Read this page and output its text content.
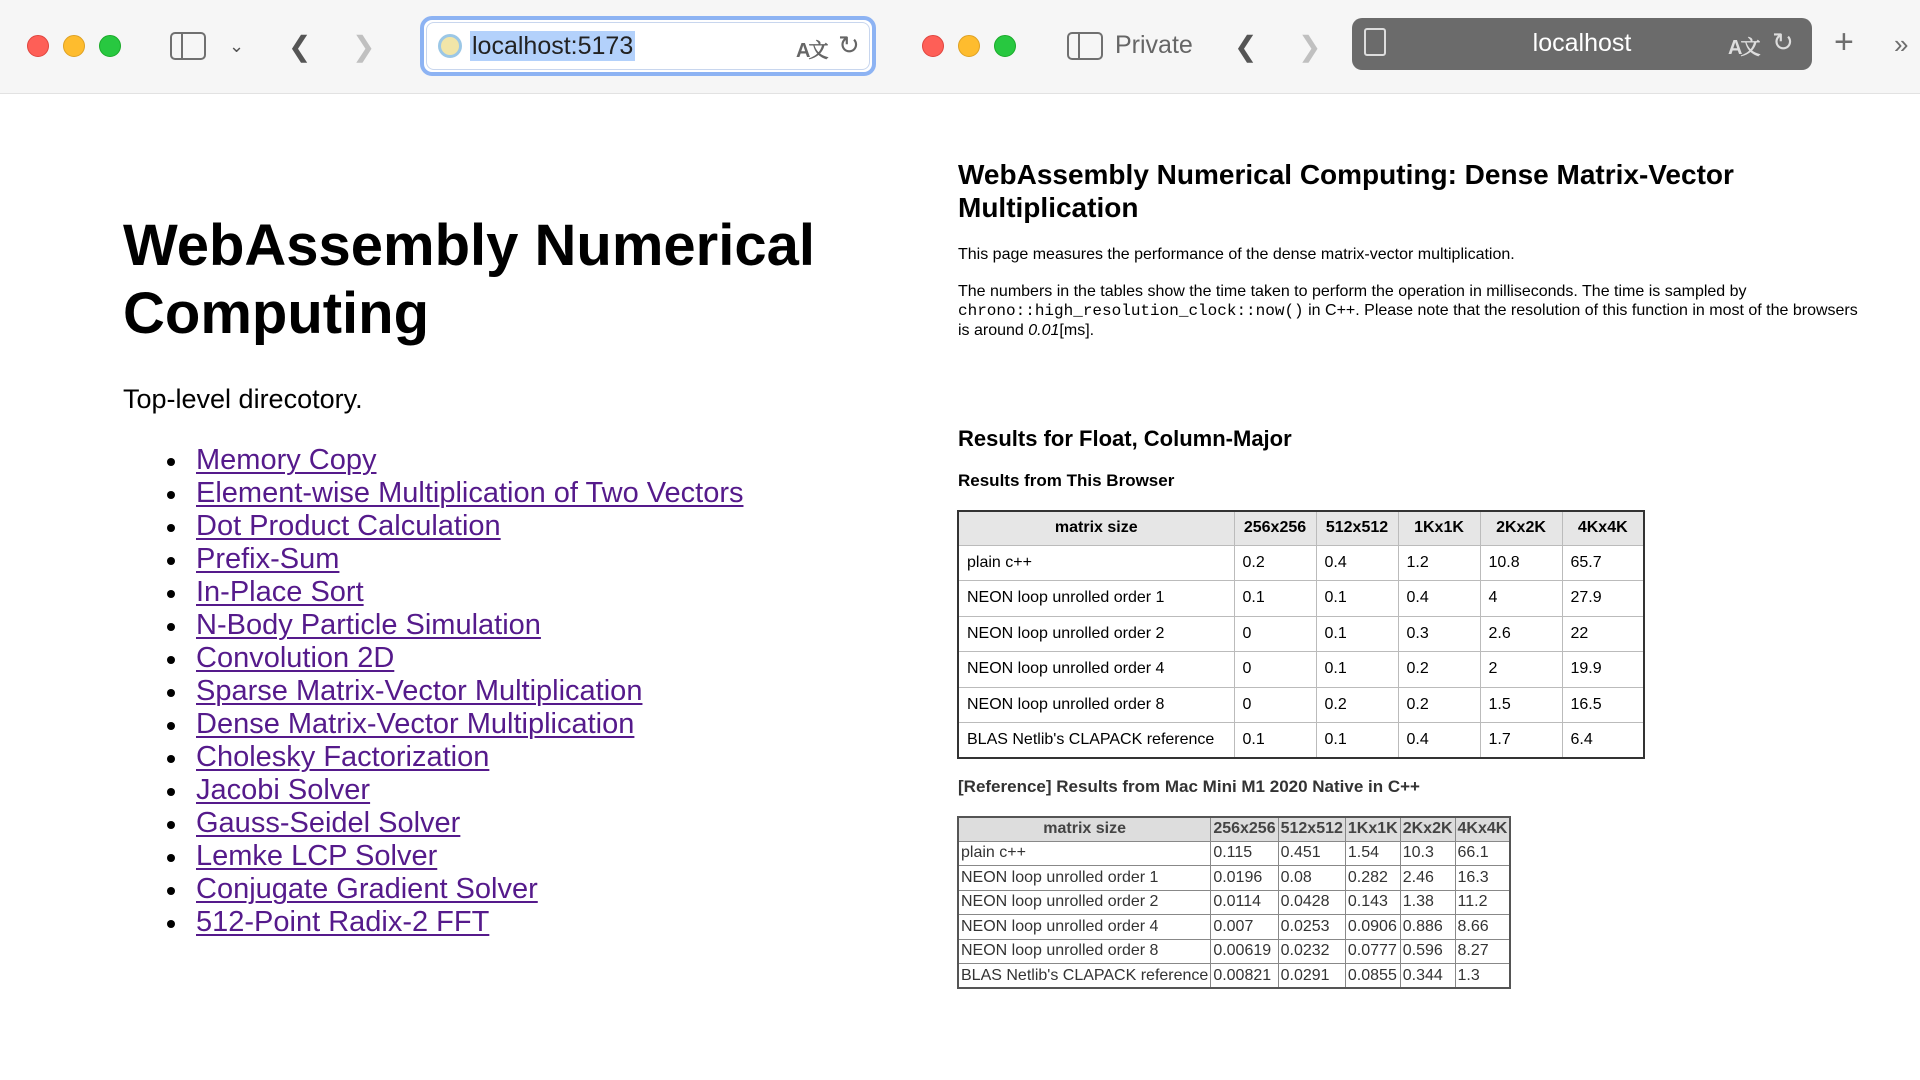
⌄ ❮ ❯	localhost:5173	A文 ↻
WebAssembly Numerical Computing

Top-level direcotory.

Memory Copy
Element-wise Multiplication of Two Vectors
Dot Product Calculation
Prefix-Sum
In-Place Sort
N-Body Particle Simulation
Convolution 2D
Sparse Matrix-Vector Multiplication
Dense Matrix-Vector Multiplication
Cholesky Factorization
Jacobi Solver
Gauss-Seidel Solver
Lemke LCP Solver
Conjugate Gradient Solver
512-Point Radix-2 FFT
Private ❮ ❯	localhost	A文 ↻ + »
WebAssembly Numerical Computing: Dense Matrix-Vector Multiplication

This page measures the performance of the dense matrix-vector multiplication.

The numbers in the tables show the time taken to perform the operation in milliseconds. The time is sampled by
chrono::high_resolution_clock::now() in C++. Please note that the resolution of this function in most of the browsers is around 0.01[ms].

Results for Float, Column-Major
Results from This Browser
matrix size	256x256	512x512	1Kx1K	2Kx2K	4Kx4K
plain c++	0.2	0.4	1.2	10.8	65.7
NEON loop unrolled order 1	0.1	0.1	0.4	4	27.9
NEON loop unrolled order 2	0	0.1	0.3	2.6	22
NEON loop unrolled order 4	0	0.1	0.2	2	19.9
NEON loop unrolled order 8	0	0.2	0.2	1.5	16.5
BLAS Netlib's CLAPACK reference	0.1	0.1	0.4	1.7	6.4
[Reference] Results from Mac Mini M1 2020 Native in C++
matrix size	256x256	512x512	1Kx1K	2Kx2K	4Kx4K
plain c++	0.115	0.451	1.54	10.3	66.1
NEON loop unrolled order 1	0.0196	0.08	0.282	2.46	16.3
NEON loop unrolled order 2	0.0114	0.0428	0.143	1.38	11.2
NEON loop unrolled order 4	0.007	0.0253	0.0906	0.886	8.66
NEON loop unrolled order 8	0.00619	0.0232	0.0777	0.596	8.27
BLAS Netlib's CLAPACK reference	0.00821	0.0291	0.0855	0.344	1.3
